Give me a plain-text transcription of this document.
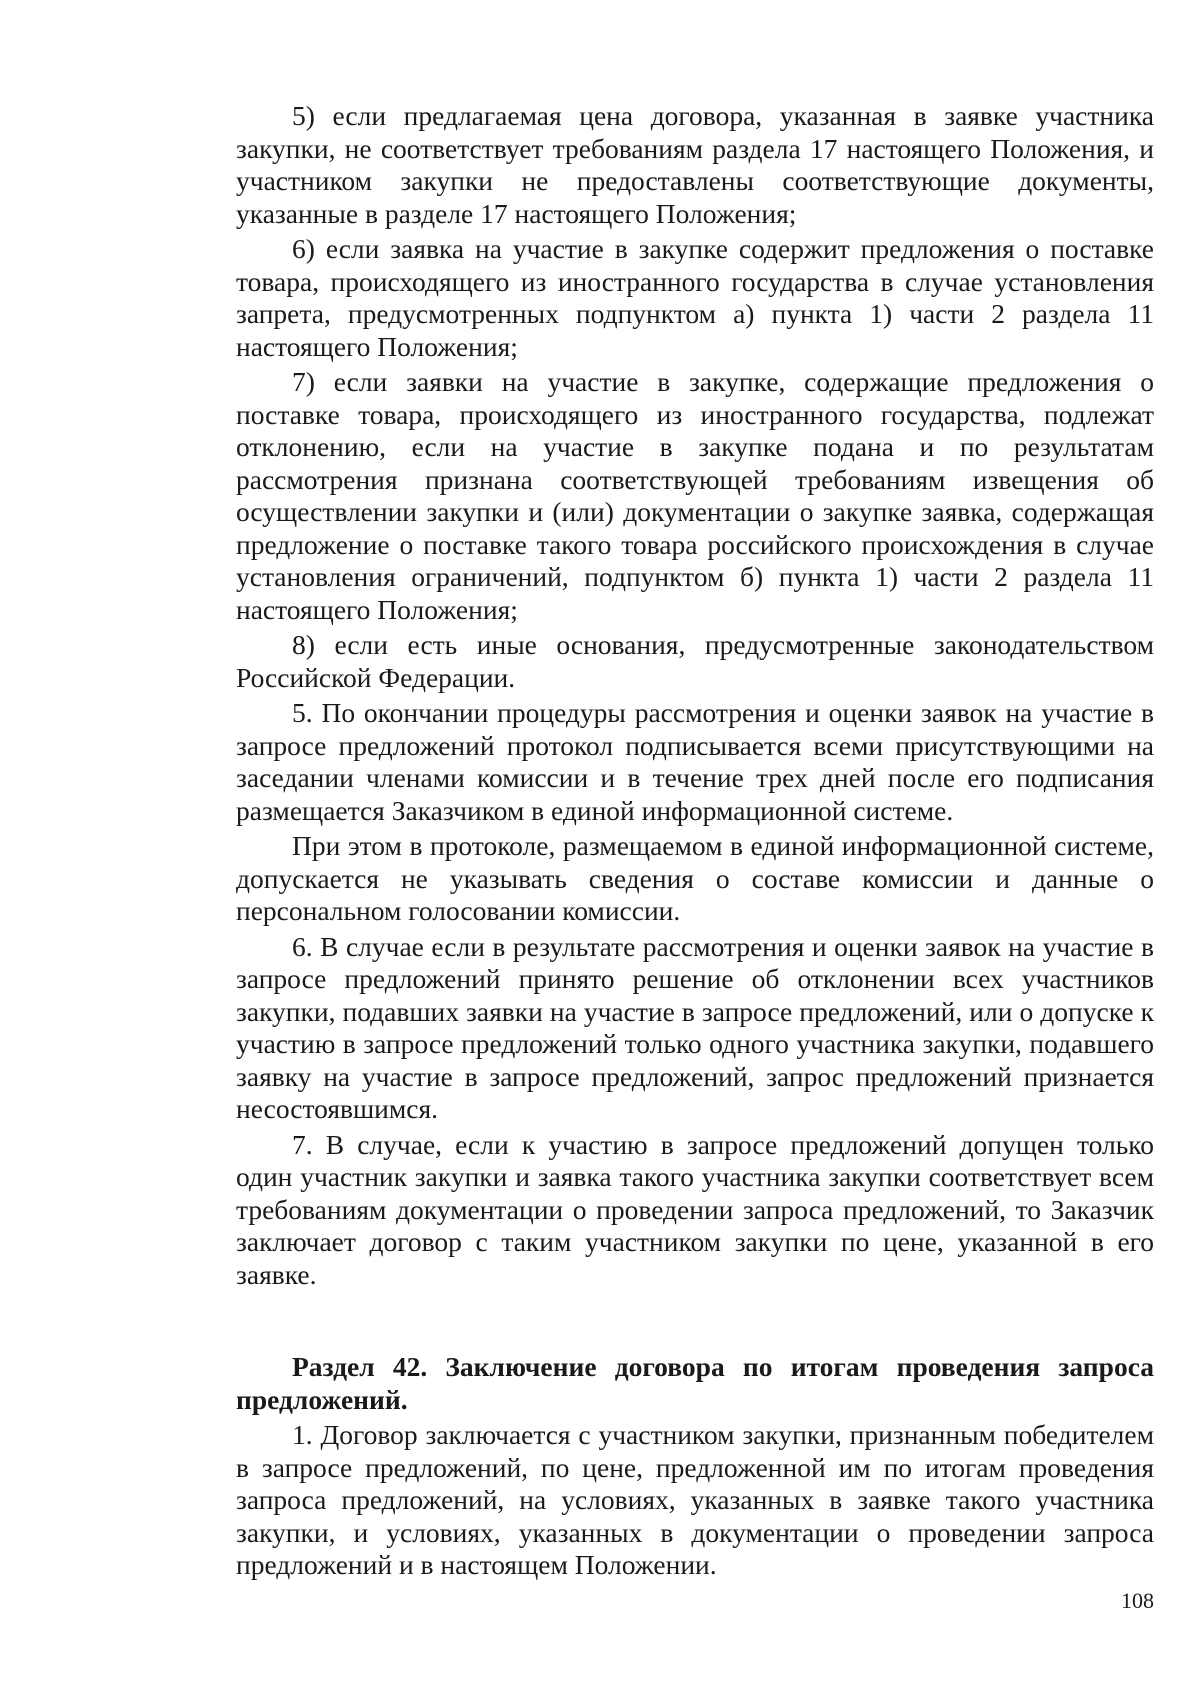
5) если предлагаемая цена договора, указанная в заявке участника закупки, не соответствует требованиям раздела 17 настоящего Положения, и участником закупки не предоставлены соответствующие документы, указанные в разделе 17 настоящего Положения;

6) если заявка на участие в закупке содержит предложения о поставке товара, происходящего из иностранного государства в случае установления запрета, предусмотренных подпунктом а) пункта 1) части 2 раздела 11 настоящего Положения;

7) если заявки на участие в закупке, содержащие предложения о поставке товара, происходящего из иностранного государства, подлежат отклонению, если на участие в закупке подана и по результатам рассмотрения признана соответствующей требованиям извещения об осуществлении закупки и (или) документации о закупке заявка, содержащая предложение о поставке такого товара российского происхождения в случае установления ограничений, подпунктом б) пункта 1) части 2 раздела 11 настоящего Положения;

8) если есть иные основания, предусмотренные законодательством Российской Федерации.

5. По окончании процедуры рассмотрения и оценки заявок на участие в запросе предложений протокол подписывается всеми присутствующими на заседании членами комиссии и в течение трех дней после его подписания размещается Заказчиком в единой информационной системе.

При этом в протоколе, размещаемом в единой информационной системе, допускается не указывать сведения о составе комиссии и данные о персональном голосовании комиссии.

6. В случае если в результате рассмотрения и оценки заявок на участие в запросе предложений принято решение об отклонении всех участников закупки, подавших заявки на участие в запросе предложений, или о допуске к участию в запросе предложений только одного участника закупки, подавшего заявку на участие в запросе предложений, запрос предложений признается несостоявшимся.

7. В случае, если к участию в запросе предложений допущен только один участник закупки и заявка такого участника закупки соответствует всем требованиям документации о проведении запроса предложений, то Заказчик заключает договор с таким участником закупки по цене, указанной в его заявке.

Раздел 42. Заключение договора по итогам проведения запроса предложений.

1. Договор заключается с участником закупки, признанным победителем в запросе предложений, по цене, предложенной им по итогам проведения запроса предложений, на условиях, указанных в заявке такого участника закупки, и условиях, указанных в документации о проведении запроса предложений и в настоящем Положении.

108
